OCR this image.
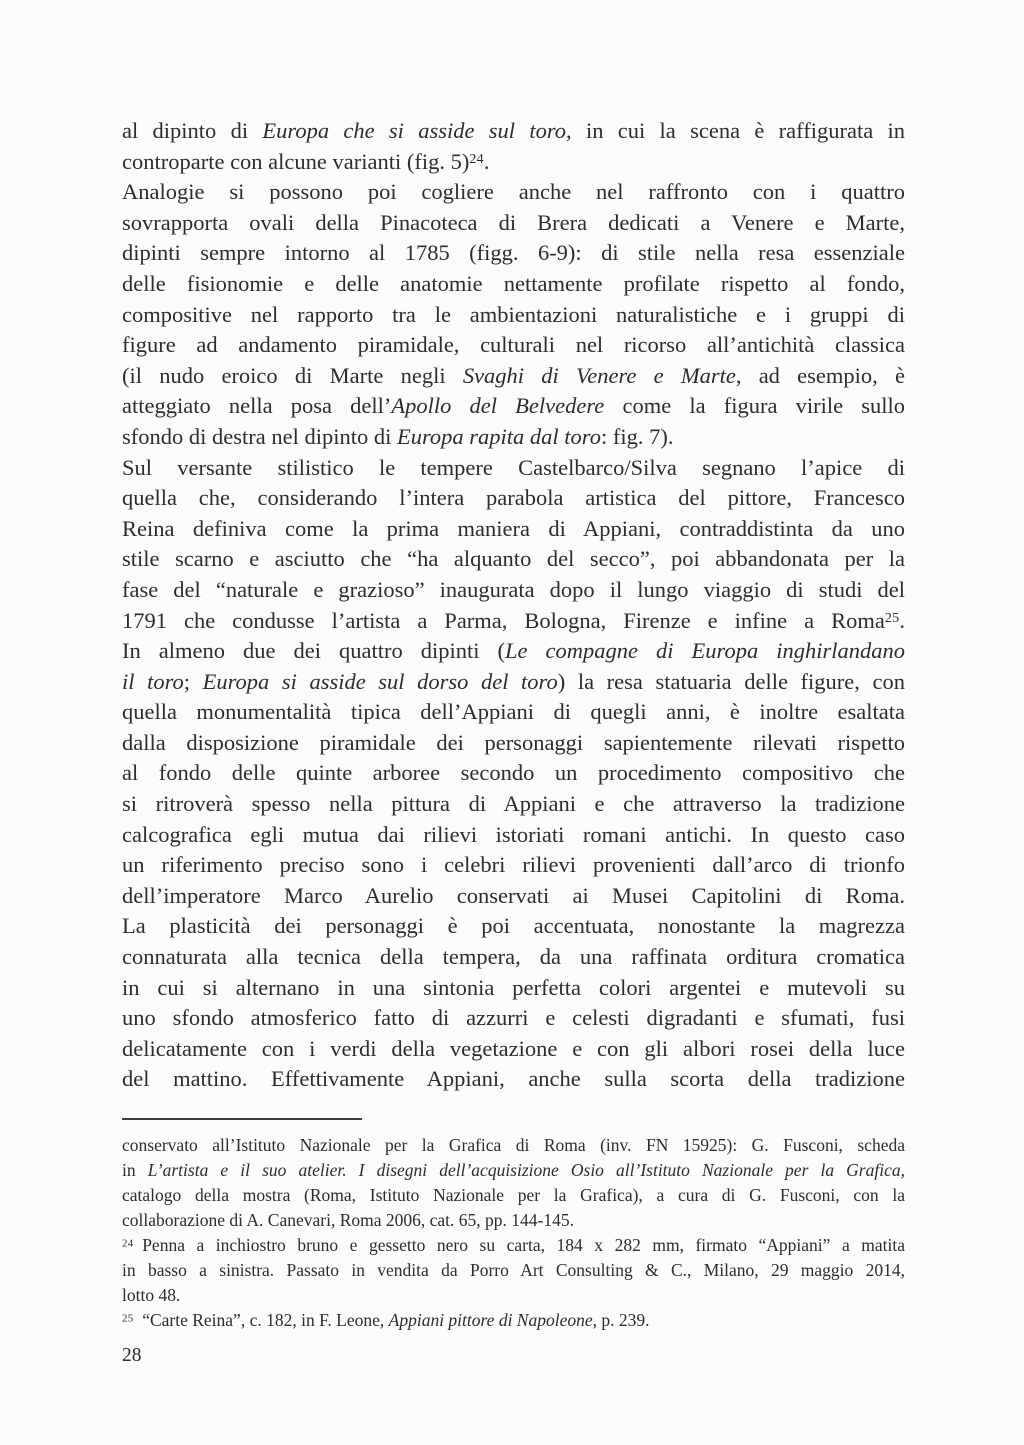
al dipinto di Europa che si asside sul toro, in cui la scena è raffigurata in
controparte con alcune varianti (fig. 5)$^{24}$.
Analogie si possono poi cogliere anche nel raffronto con i quattro
sovrapporta ovali della Pinacoteca di Brera dedicati a Venere e Marte,
dipinti sempre intorno al 1785 (figg. 6-9): di stile nella resa essenziale
delle fisionomie e delle anatomie nettamente profilate rispetto al fondo,
compositive nel rapporto tra le ambientazioni naturalistiche e i gruppi di
figure ad andamento piramidale, culturali nel ricorso all’antichità classica
(il nudo eroico di Marte negli Svaghi di Venere e Marte, ad esempio, è
atteggiato nella posa dell’Apollo del Belvedere come la figura virile sullo
sfondo di destra nel dipinto di Europa rapita dal toro: fig. 7).
Sul versante stilistico le tempere Castelbarco/Silva segnano l’apice di
quella che, considerando l’intera parabola artistica del pittore, Francesco
Reina definiva come la prima maniera di Appiani, contraddistinta da uno
stile scarno e asciutto che “ha alquanto del secco”, poi abbandonata per la
fase del “naturale e grazioso” inaugurata dopo il lungo viaggio di studi del
1791 che condusse l’artista a Parma, Bologna, Firenze e infine a Roma$^{25}$.
In almeno due dei quattro dipinti (Le compagne di Europa inghirlandano
il toro; Europa si asside sul dorso del toro) la resa statuaria delle figure, con
quella monumentalità tipica dell’Appiani di quegli anni, è inoltre esaltata
dalla disposizione piramidale dei personaggi sapientemente rilevati rispetto
al fondo delle quinte arboree secondo un procedimento compositivo che
si ritroverà spesso nella pittura di Appiani e che attraverso la tradizione
calcografica egli mutua dai rilievi istoriati romani antichi. In questo caso
un riferimento preciso sono i celebri rilievi provenienti dall’arco di trionfo
dell’imperatore Marco Aurelio conservati ai Musei Capitolini di Roma.
La plasticità dei personaggi è poi accentuata, nonostante la magrezza
connaturata alla tecnica della tempera, da una raffinata orditura cromatica
in cui si alternano in una sintonia perfetta colori argentei e mutevoli su
uno sfondo atmosferico fatto di azzurri e celesti digradanti e sfumati, fusi
delicatamente con i verdi della vegetazione e con gli albori rosei della luce
del mattino. Effettivamente Appiani, anche sulla scorta della tradizione
conservato all’Istituto Nazionale per la Grafica di Roma (inv. FN 15925): G. Fusconi, scheda
in L’artista e il suo atelier. I disegni dell’acquisizione Osio all’Istituto Nazionale per la Grafica,
catalogo della mostra (Roma, Istituto Nazionale per la Grafica), a cura di G. Fusconi, con la
collaborazione di A. Canevari, Roma 2006, cat. 65, pp. 144-145.
$^{24}$ Penna a inchiostro bruno e gessetto nero su carta, 184 x 282 mm, firmato “Appiani” a matita
in basso a sinistra. Passato in vendita da Porro Art Consulting & C., Milano, 29 maggio 2014,
lotto 48.
$^{25}$ “Carte Reina”, c. 182, in F. Leone, Appiani pittore di Napoleone, p. 239.
28
